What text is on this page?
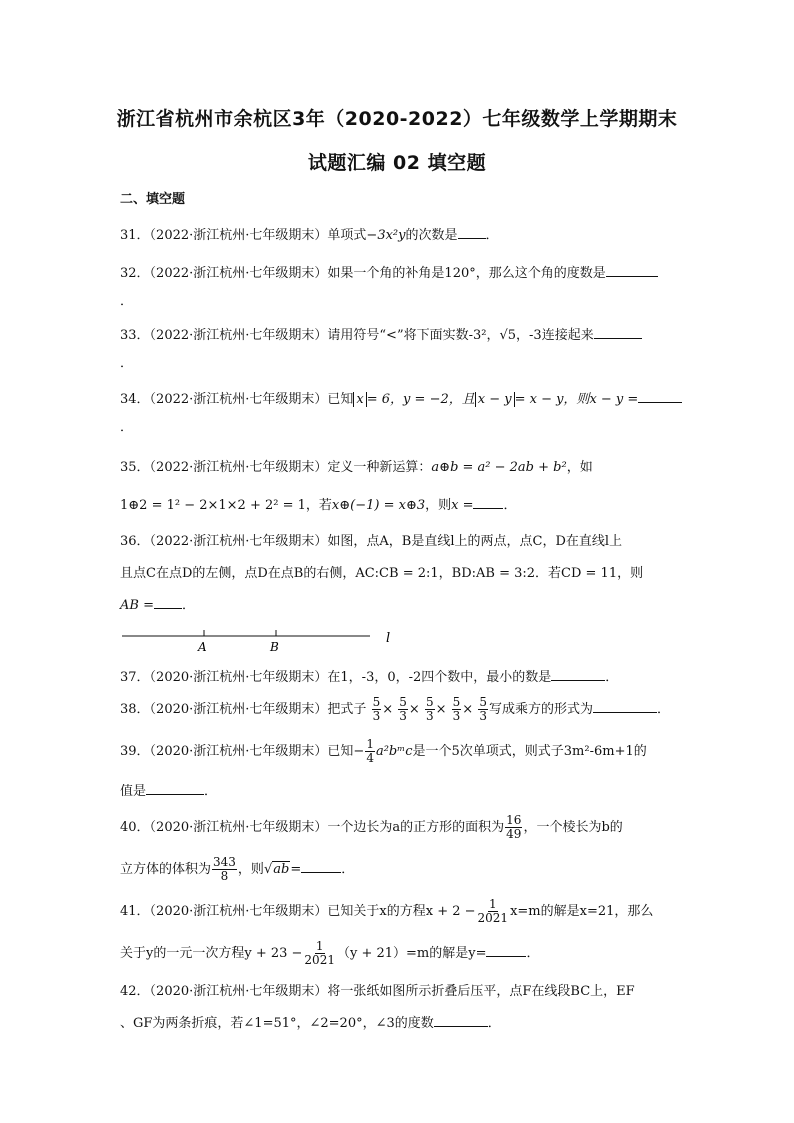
浙江省杭州市余杭区3年（2020-2022）七年级数学上学期期末
试题汇编 02 填空题
二、填空题
31．（2022·浙江杭州·七年级期末）单项式−3x²y的次数是 ．
32．（2022·浙江杭州·七年级期末）如果一个角的补角是120°，那么这个角的度数是
．
33．（2022·浙江杭州·七年级期末）请用符号“<”将下面实数-3²，√5，-3连接起来
．
34．（2022·浙江杭州·七年级期末）已知 x = 6，y = −2，且 x − y = x − y，则x − y =
．
35．（2022·浙江杭州·七年级期末）定义一种新运算：a⊕b = a² − 2ab + b²，如
1⊕2 = 1² − 2×1×2 + 2² = 1，若x⊕(−1) = x⊕3，则x = ．
36．（2022·浙江杭州·七年级期末）如图，点A，B是直线l上的两点，点C，D在直线l上
且点C在点D的左侧，点D在点B的右侧，AC:CB = 2:1，BD:AB = 3:2．若CD = 11，则
AB = ．
A	B
l
37．（2020·浙江杭州·七年级期末）在1，-3，0，-2四个数中，最小的数是	．
38．（2020·浙江杭州·七年级期末）把式子 $\frac{5}{3} \times \frac{5}{3} \times \frac{5}{3} \times \frac{5}{3} \times \frac{5}{3}$ 写成乘方的形式为	．
39．（2020·浙江杭州·七年级期末）已知− $\frac{1}{4}$ a²bᵐc是一个5次单项式，则式子3m²-6m+1的
值是	．
40．（2020·浙江杭州·七年级期末）一个边长为a的正方形的面积为 $\frac{16}{49}$ ，一个棱长为b的
立方体的体积为 $\frac{343}{8}$ ，则√ab=	．
41．（2020·浙江杭州·七年级期末）已知关于x的方程$x + 2 - \frac{1}{2021} x=m$的解是x=21，那么
关于y的一元一次方程$y + 23 - \frac{1}{2021} (y + 21)=m$的解是y=	．
42．（2020·浙江杭州·七年级期末）将一张纸如图所示折叠后压平，点F在线段BC上，EF
、GF为两条折痕，若∠1=51°，∠2=20°，∠3的度数	．
